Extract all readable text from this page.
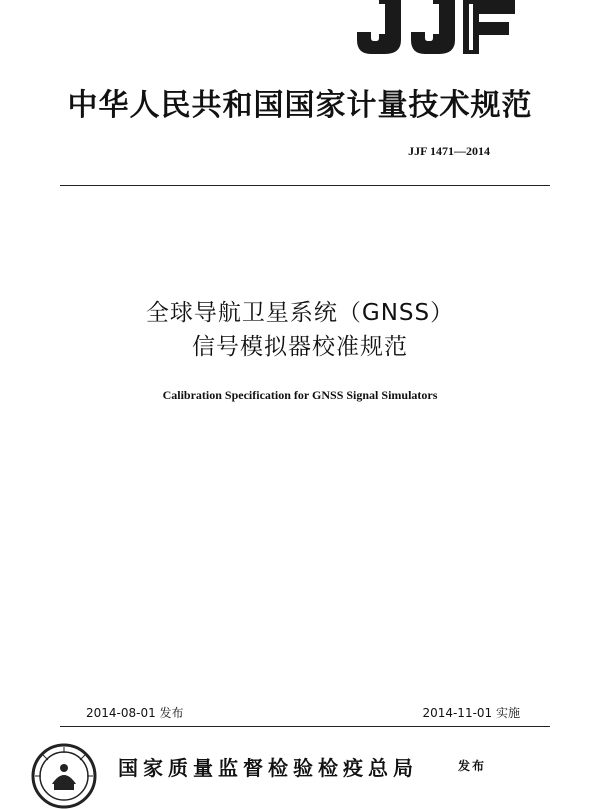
中华人民共和国国家计量技术规范
JJF 1471—2014
全球导航卫星系统（GNSS）
信号模拟器校准规范
Calibration Specification for GNSS Signal Simulators
2014-08-01 发布	2014-11-01 实施
国家质量监督检验检疫总局	发布
